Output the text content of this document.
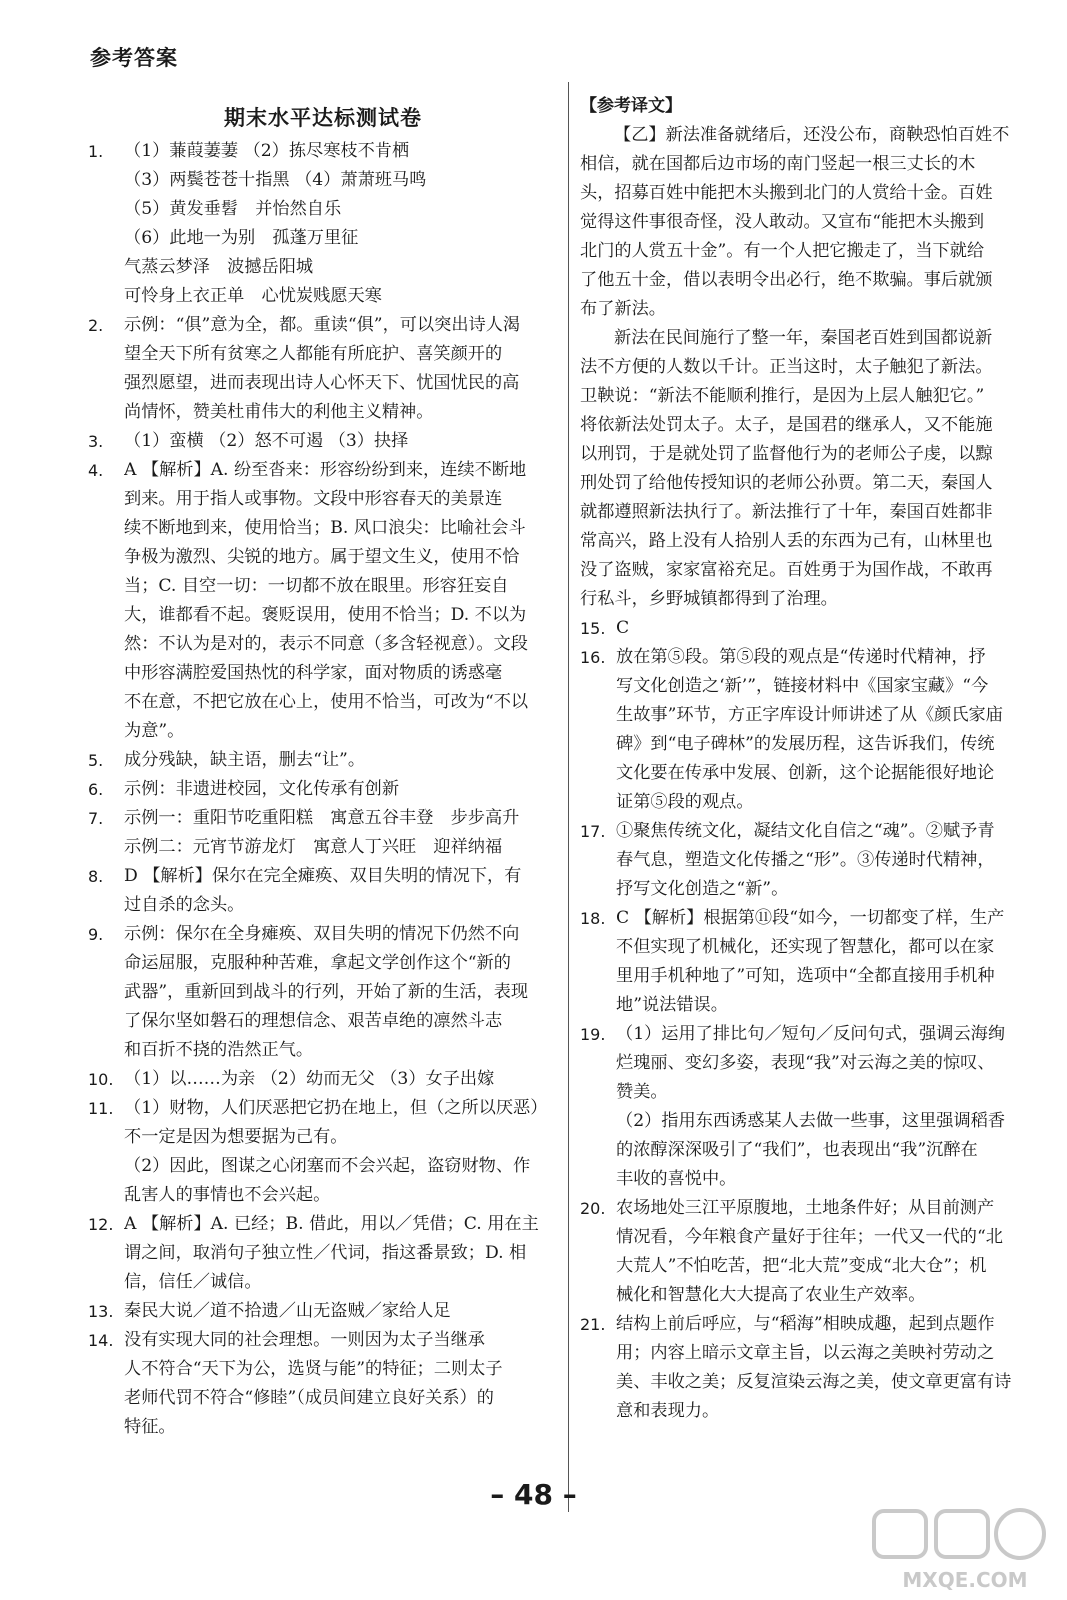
参考答案
期末水平达标测试卷
1. （1）蒹葭萋萋 （2）拣尽寒枝不肯栖
（3）两鬓苍苍十指黑 （4）萧萧班马鸣
（5）黄发垂髫　并怡然自乐
（6）此地一为别　孤蓬万里征
气蒸云梦泽　波撼岳阳城
可怜身上衣正单　心忧炭贱愿天寒
2. 示例：“俱”意为全，都。重读“俱”，可以突出诗人渴
望全天下所有贫寒之人都能有所庇护、喜笑颜开的
强烈愿望，进而表现出诗人心怀天下、忧国忧民的高
尚情怀，赞美杜甫伟大的利他主义精神。
3. （1）蛮横 （2）怒不可遏 （3）抉择
4. A 【解析】A. 纷至沓来：形容纷纷到来，连续不断地
到来。用于指人或事物。文段中形容春天的美景连
续不断地到来，使用恰当；B. 风口浪尖：比喻社会斗
争极为激烈、尖锐的地方。属于望文生义，使用不恰
当；C. 目空一切：一切都不放在眼里。形容狂妄自
大，谁都看不起。褒贬误用，使用不恰当；D. 不以为
然：不认为是对的，表示不同意（多含轻视意）。文段
中形容满腔爱国热忱的科学家，面对物质的诱惑毫
不在意，不把它放在心上，使用不恰当，可改为“不以
为意”。
5. 成分残缺，缺主语，删去“让”。
6. 示例：非遗进校园，文化传承有创新
7. 示例一：重阳节吃重阳糕　寓意五谷丰登　步步高升
示例二：元宵节游龙灯　寓意人丁兴旺　迎祥纳福
8. D 【解析】保尔在完全瘫痪、双目失明的情况下，有
过自杀的念头。
9. 示例：保尔在全身瘫痪、双目失明的情况下仍然不向
命运屈服，克服种种苦难，拿起文学创作这个“新的
武器”，重新回到战斗的行列，开始了新的生活，表现
了保尔坚如磐石的理想信念、艰苦卓绝的凛然斗志
和百折不挠的浩然正气。
10. （1）以……为亲 （2）幼而无父 （3）女子出嫁
11. （1）财物，人们厌恶把它扔在地上，但（之所以厌恶）
不一定是因为想要据为己有。
（2）因此，图谋之心闭塞而不会兴起，盗窃财物、作
乱害人的事情也不会兴起。
12. A 【解析】A. 已经；B. 借此，用以／凭借；C. 用在主
谓之间，取消句子独立性／代词，指这番景致；D. 相
信，信任／诚信。
13. 秦民大说／道不拾遗／山无盗贼／家给人足
14. 没有实现大同的社会理想。一则因为太子当继承
人不符合“天下为公，选贤与能”的特征；二则太子
老师代罚不符合“修睦”（成员间建立良好关系）的
特征。
【参考译文】
【乙】新法准备就绪后，还没公布，商鞅恐怕百姓不
相信，就在国都后边市场的南门竖起一根三丈长的木
头，招募百姓中能把木头搬到北门的人赏给十金。百姓
觉得这件事很奇怪，没人敢动。又宣布“能把木头搬到
北门的人赏五十金”。有一个人把它搬走了，当下就给
了他五十金，借以表明令出必行，绝不欺骗。事后就颁
布了新法。
新法在民间施行了整一年，秦国老百姓到国都说新
法不方便的人数以千计。正当这时，太子触犯了新法。
卫鞅说：“新法不能顺利推行，是因为上层人触犯它。”
将依新法处罚太子。太子，是国君的继承人，又不能施
以刑罚，于是就处罚了监督他行为的老师公子虔，以黥
刑处罚了给他传授知识的老师公孙贾。第二天，秦国人
就都遵照新法执行了。新法推行了十年，秦国百姓都非
常高兴，路上没有人拾别人丢的东西为己有，山林里也
没了盗贼，家家富裕充足。百姓勇于为国作战，不敢再
行私斗，乡野城镇都得到了治理。
15. C
16. 放在第⑤段。第⑤段的观点是“传递时代精神，抒
写文化创造之‘新’”，链接材料中《国家宝藏》“今
生故事”环节，方正字库设计师讲述了从《颜氏家庙
碑》到“电子碑林”的发展历程，这告诉我们，传统
文化要在传承中发展、创新，这个论据能很好地论
证第⑤段的观点。
17. ①聚焦传统文化，凝结文化自信之“魂”。②赋予青
春气息，塑造文化传播之“形”。③传递时代精神，
抒写文化创造之“新”。
18. C 【解析】根据第⑪段“如今，一切都变了样，生产
不但实现了机械化，还实现了智慧化，都可以在家
里用手机种地了”可知，选项中“全都直接用手机种
地”说法错误。
19. （1）运用了排比句／短句／反问句式，强调云海绚
烂瑰丽、变幻多姿，表现“我”对云海之美的惊叹、
赞美。
（2）指用东西诱惑某人去做一些事，这里强调稻香
的浓醇深深吸引了“我们”，也表现出“我”沉醉在
丰收的喜悦中。
20. 农场地处三江平原腹地，土地条件好；从目前测产
情况看，今年粮食产量好于往年；一代又一代的“北
大荒人”不怕吃苦，把“北大荒”变成“北大仓”；机
械化和智慧化大大提高了农业生产效率。
21. 结构上前后呼应，与“稻海”相映成趣，起到点题作
用；内容上暗示文章主旨，以云海之美映衬劳动之
美、丰收之美；反复渲染云海之美，使文章更富有诗
意和表现力。
– 48 –
MXQE.COM
